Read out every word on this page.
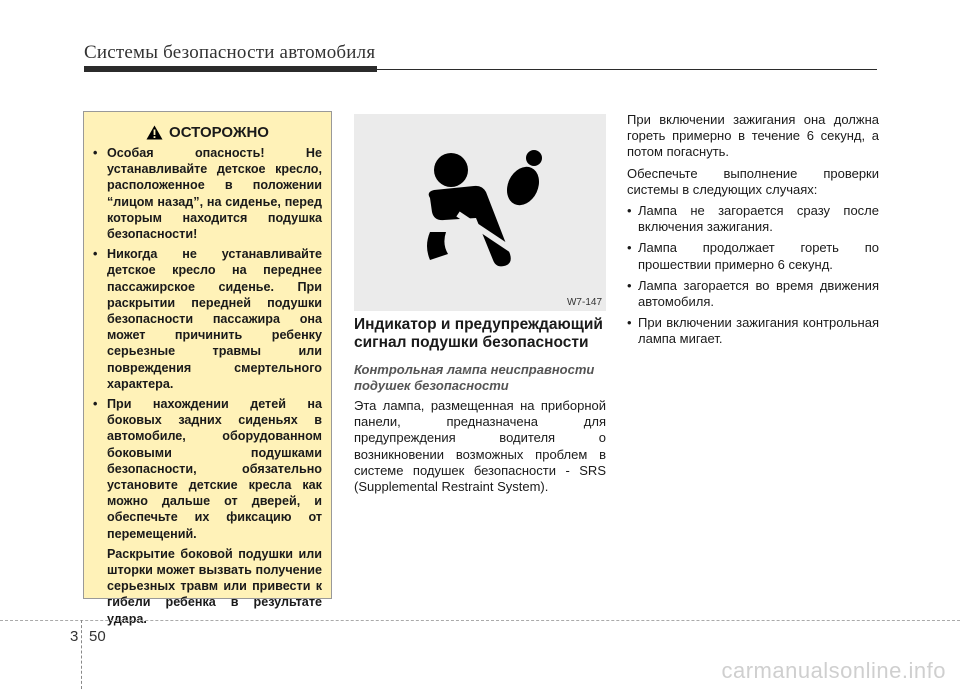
Системы безопасности автомобиля
ОСТОРОЖНО
• Особая опасность! Не устанавливайте детское кресло, расположенное в положении “лицом назад”, на сиденье, перед которым находится подушка безопасности!

• Никогда не устанавливайте детское кресло на переднее пассажирское сиденье. При раскрытии передней подушки безопасности пассажира она может причинить ребенку серьезные травмы или повреждения смертельного характера.

• При нахождении детей на боковых задних сиденьях в автомобиле, оборудованном боковыми подушками безопасности, обязательно установите детские кресла как можно дальше от дверей, и обеспечьте их фиксацию от перемещений.

Раскрытие боковой подушки или шторки может вызвать получение серьезных травм или привести к гибели ребенка в результате удара.

W7-147
Индикатор и предупреждающий сигнал подушки безопасности
Контрольная лампа неисправности подушек безопасности

Эта лампа, размещенная на приборной панели, предназначена для предупреждения водителя о возникновении возможных проблем в системе подушек безопасности - SRS (Supplemental Restraint System).

При включении зажигания она должна гореть примерно в течение 6 секунд, а потом погаснуть.

Обеспечьте выполнение проверки системы в следующих случаях:

• Лампа не загорается сразу после включения зажигания.
• Лампа продолжает гореть по прошествии примерно 6 секунд.
• Лампа загорается во время движения автомобиля.
• При включении зажигания контрольная лампа мигает.
3 50
carmanualsonline.info
